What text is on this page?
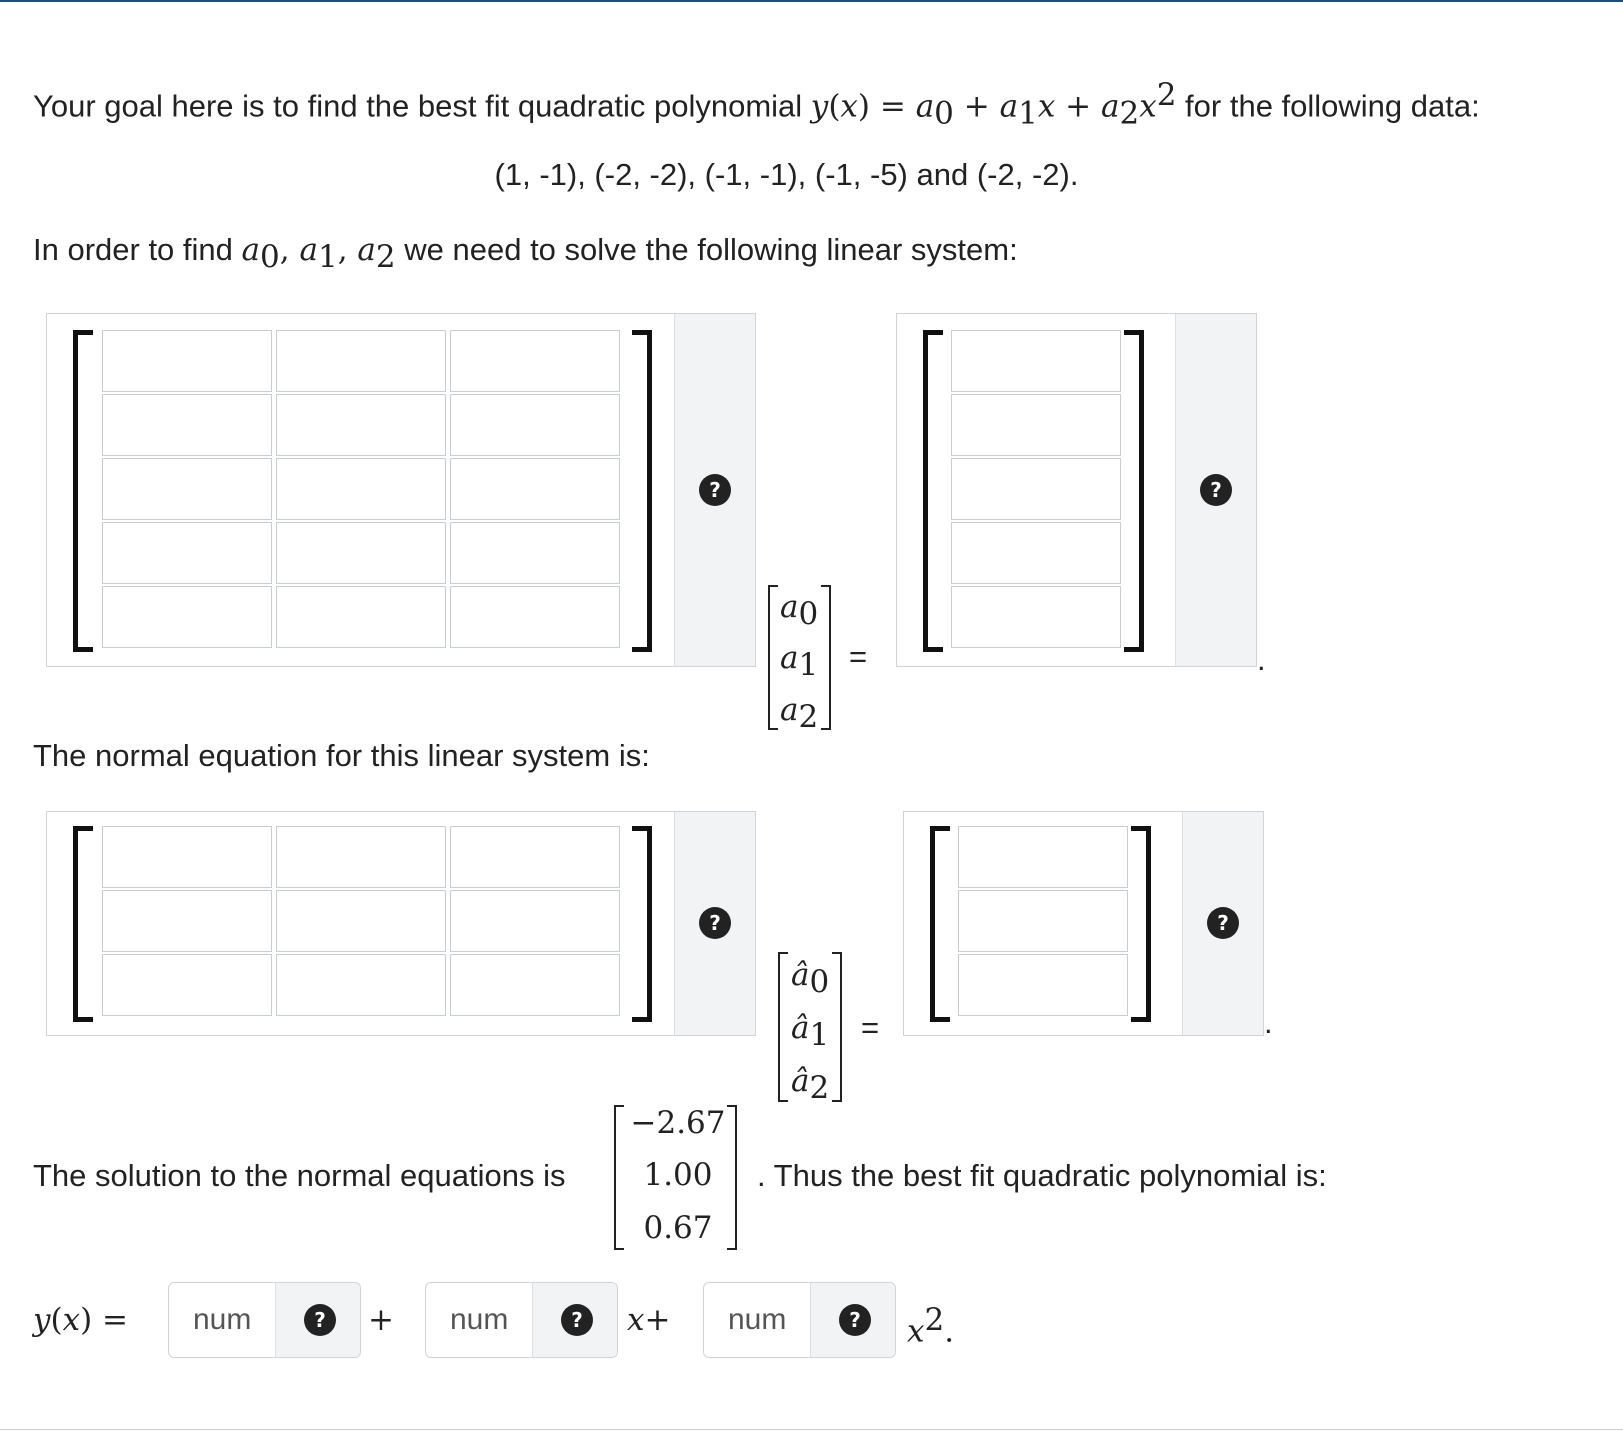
Your goal here is to find the best fit quadratic polynomial $y(x) = a_0 + a_1x + a_2x^2$ for the following data:
(1, -1), (-2, -2), (-1, -1), (-1, -5) and (-2, -2).
In order to find $a_0$, $a_1$, $a_2$ we need to solve the following linear system:
?
$a_0$
$a_1$
$a_2$
=
?
.
The normal equation for this linear system is:
?
$â_0$
$â_1$
$â_2$
=
?
.
The solution to the normal equations is
−2.67
1.00
0.67
. Thus the best fit quadratic polynomial is:
y(x) =
num	?	+
num	?	x+
num	?	$x^2$.
